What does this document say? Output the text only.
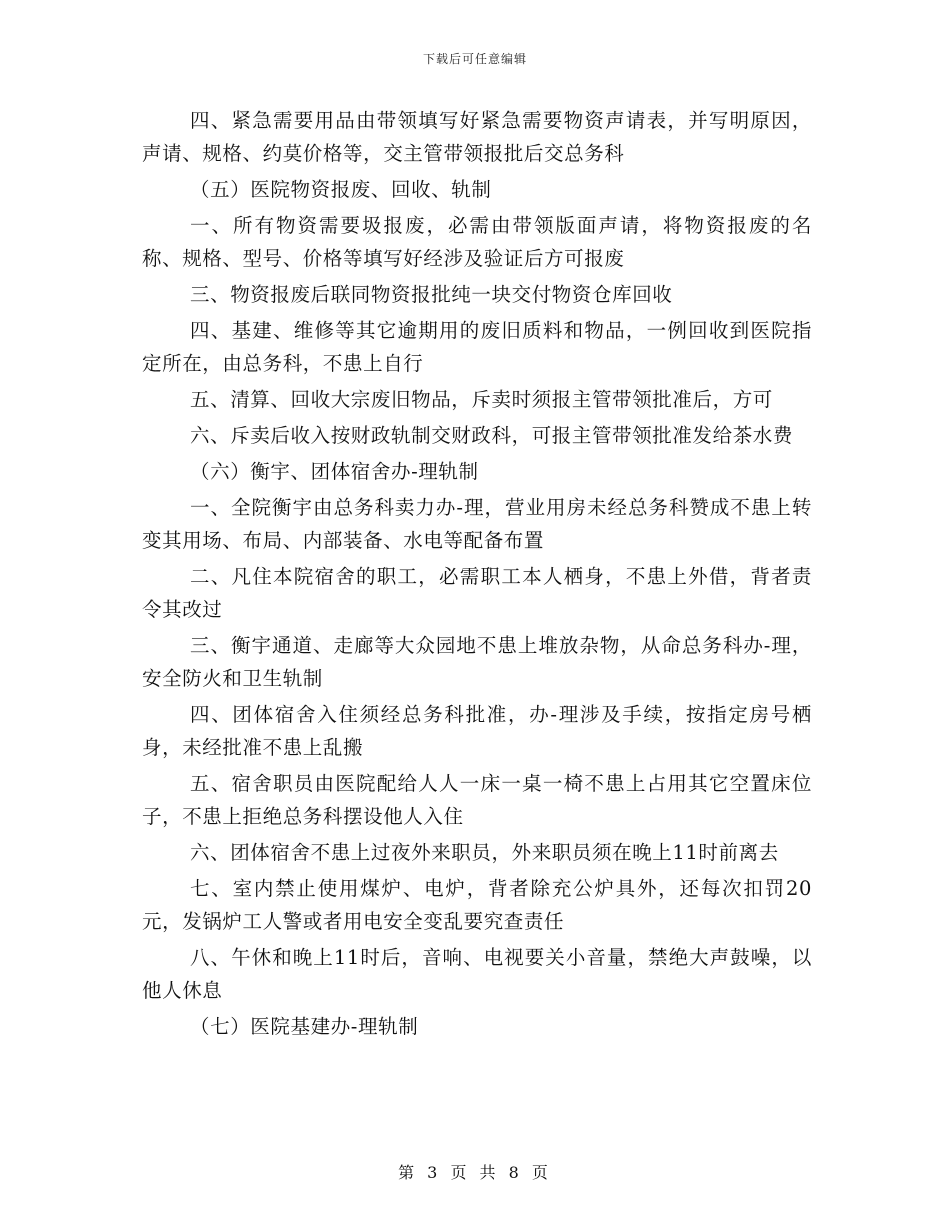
下载后可任意编辑

四、紧急需要用品由带领填写好紧急需要物资声请表，并写明原因，声请、规格、约莫价格等，交主管带领报批后交总务科

（五）医院物资报废、回收、轨制

一、所有物资需要圾报废，必需由带领版面声请，将物资报废的名称、规格、型号、价格等填写好经涉及验证后方可报废

三、物资报废后联同物资报批纯一块交付物资仓库回收

四、基建、维修等其它逾期用的废旧质料和物品，一例回收到医院指定所在，由总务科，不患上自行

五、清算、回收大宗废旧物品，斥卖时须报主管带领批准后，方可

六、斥卖后收入按财政轨制交财政科，可报主管带领批准发给茶水费

（六）衡宇、团体宿舍办-理轨制

一、全院衡宇由总务科卖力办-理，营业用房未经总务科赞成不患上转变其用场、布局、内部装备、水电等配备布置

二、凡住本院宿舍的职工，必需职工本人栖身，不患上外借，背者责令其改过

三、衡宇通道、走廊等大众园地不患上堆放杂物，从命总务科办-理，安全防火和卫生轨制

四、团体宿舍入住须经总务科批准，办-理涉及手续，按指定房号栖身，未经批准不患上乱搬

五、宿舍职员由医院配给人人一床一桌一椅不患上占用其它空置床位子，不患上拒绝总务科摆设他人入住

六、团体宿舍不患上过夜外来职员，外来职员须在晚上11时前离去

七、室内禁止使用煤炉、电炉，背者除充公炉具外，还每次扣罚20元，发锅炉工人警或者用电安全变乱要究查责任

八、午休和晚上11时后，音响、电视要关小音量，禁绝大声鼓噪，以他人休息

（七）医院基建办-理轨制

第 3 页 共 8 页
